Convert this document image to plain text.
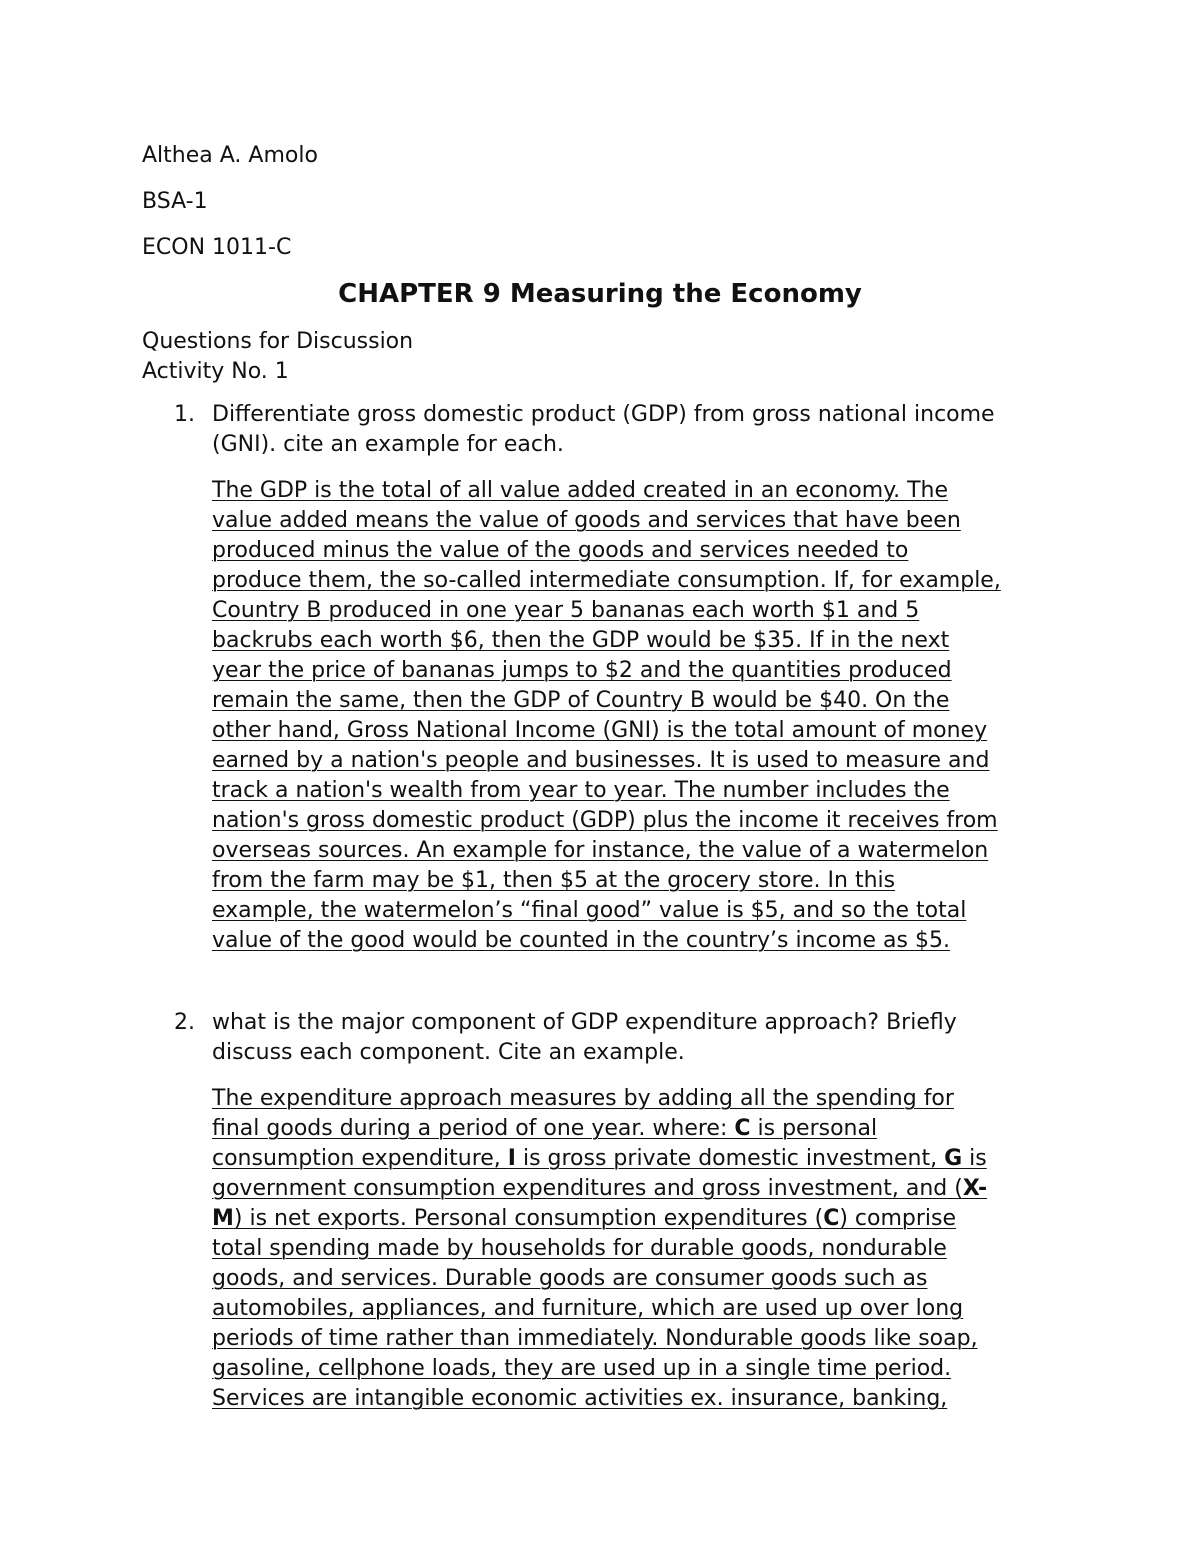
Althea A. Amolo
BSA-1
ECON 1011-C
CHAPTER 9 Measuring the Economy
Questions for Discussion
Activity No. 1
1. Differentiate gross domestic product (GDP) from gross national income
(GNI). cite an example for each.
The GDP is the total of all value added created in an economy. The
value added means the value of goods and services that have been
produced minus the value of the goods and services needed to
produce them, the so-called intermediate consumption. If, for example,
Country B produced in one year 5 bananas each worth $1 and 5
backrubs each worth $6, then the GDP would be $35. If in the next
year the price of bananas jumps to $2 and the quantities produced
remain the same, then the GDP of Country B would be $40. On the
other hand, Gross National Income (GNI) is the total amount of money
earned by a nation's people and businesses. It is used to measure and
track a nation's wealth from year to year. The number includes the
nation's gross domestic product (GDP) plus the income it receives from
overseas sources. An example for instance, the value of a watermelon
from the farm may be $1, then $5 at the grocery store. In this
example, the watermelon’s “final good” value is $5, and so the total
value of the good would be counted in the country’s income as $5.
2. what is the major component of GDP expenditure approach? Briefly
discuss each component. Cite an example.
The expenditure approach measures by adding all the spending for
final goods during a period of one year. where: C is personal
consumption expenditure, I is gross private domestic investment, G is
government consumption expenditures and gross investment, and (X-
M) is net exports. Personal consumption expenditures (C) comprise
total spending made by households for durable goods, nondurable
goods, and services. Durable goods are consumer goods such as
automobiles, appliances, and furniture, which are used up over long
periods of time rather than immediately. Nondurable goods like soap,
gasoline, cellphone loads, they are used up in a single time period.
Services are intangible economic activities ex. insurance, banking,
